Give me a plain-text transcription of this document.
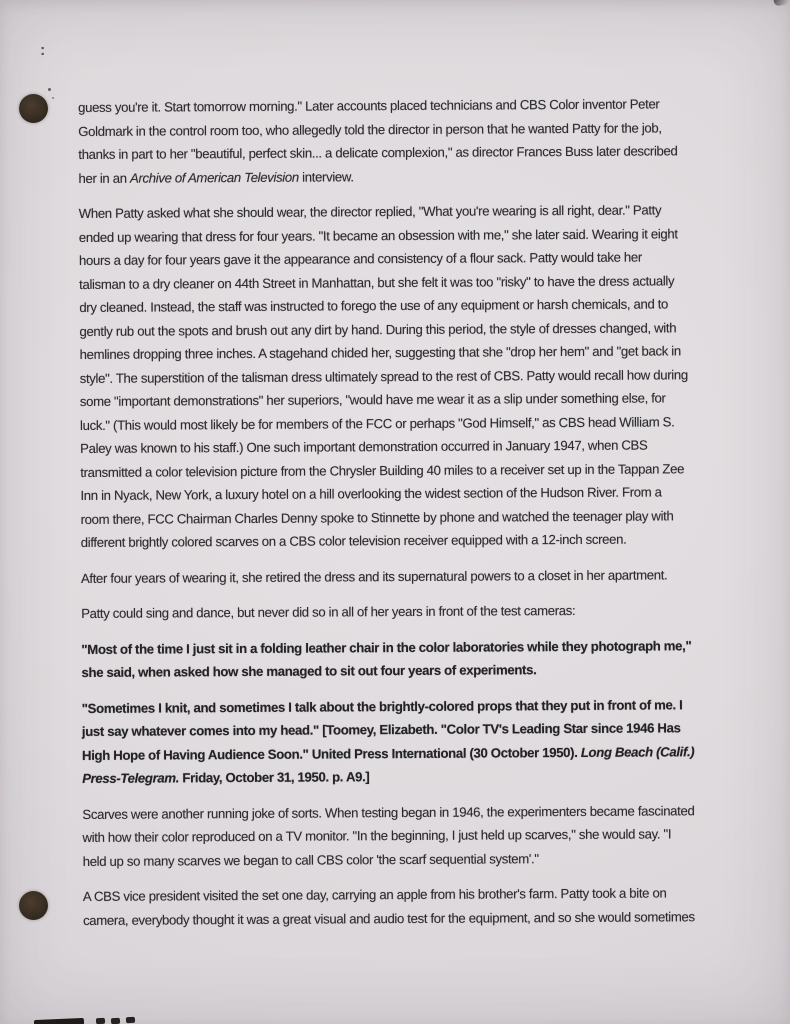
:

guess you're it. Start tomorrow morning." Later accounts placed technicians and CBS Color inventor Peter
Goldmark in the control room too, who allegedly told the director in person that he wanted Patty for the job,
thanks in part to her "beautiful, perfect skin... a delicate complexion," as director Frances Buss later described
her in an Archive of American Television interview.

When Patty asked what she should wear, the director replied, "What you're wearing is all right, dear." Patty
ended up wearing that dress for four years. "It became an obsession with me," she later said. Wearing it eight
hours a day for four years gave it the appearance and consistency of a flour sack. Patty would take her
talisman to a dry cleaner on 44th Street in Manhattan, but she felt it was too "risky" to have the dress actually
dry cleaned. Instead, the staff was instructed to forego the use of any equipment or harsh chemicals, and to
gently rub out the spots and brush out any dirt by hand. During this period, the style of dresses changed, with
hemlines dropping three inches. A stagehand chided her, suggesting that she "drop her hem" and "get back in
style". The superstition of the talisman dress ultimately spread to the rest of CBS. Patty would recall how during
some "important demonstrations" her superiors, "would have me wear it as a slip under something else, for
luck." (This would most likely be for members of the FCC or perhaps "God Himself," as CBS head William S.
Paley was known to his staff.) One such important demonstration occurred in January 1947, when CBS
transmitted a color television picture from the Chrysler Building 40 miles to a receiver set up in the Tappan Zee
Inn in Nyack, New York, a luxury hotel on a hill overlooking the widest section of the Hudson River. From a
room there, FCC Chairman Charles Denny spoke to Stinnette by phone and watched the teenager play with
different brightly colored scarves on a CBS color television receiver equipped with a 12-inch screen.

After four years of wearing it, she retired the dress and its supernatural powers to a closet in her apartment.

Patty could sing and dance, but never did so in all of her years in front of the test cameras:

"Most of the time I just sit in a folding leather chair in the color laboratories while they photograph me,"
she said, when asked how she managed to sit out four years of experiments.

"Sometimes I knit, and sometimes I talk about the brightly-colored props that they put in front of me. I
just say whatever comes into my head." [Toomey, Elizabeth. "Color TV's Leading Star since 1946 Has
High Hope of Having Audience Soon." United Press International (30 October 1950). Long Beach (Calif.)
Press-Telegram. Friday, October 31, 1950. p. A9.]

Scarves were another running joke of sorts. When testing began in 1946, the experimenters became fascinated
with how their color reproduced on a TV monitor. "In the beginning, I just held up scarves," she would say. "I
held up so many scarves we began to call CBS color 'the scarf sequential system'."

A CBS vice president visited the set one day, carrying an apple from his brother's farm. Patty took a bite on
camera, everybody thought it was a great visual and audio test for the equipment, and so she would sometimes
